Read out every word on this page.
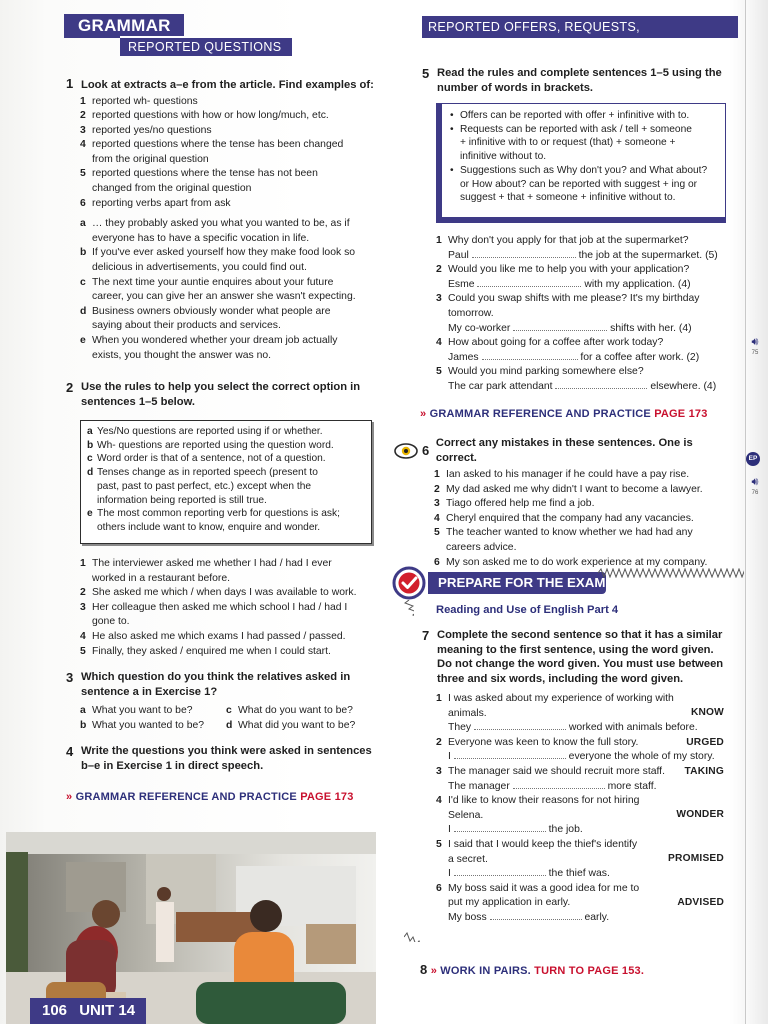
GRAMMAR
REPORTED QUESTIONS
REPORTED OFFERS, REQUESTS, SUGGESTIONS
1 Look at extracts a–e from the article. Find examples of:
1 reported wh- questions
2 reported questions with how or how long/much, etc.
3 reported yes/no questions
4 reported questions where the tense has been changed
from the original question
5 reported questions where the tense has not been
changed from the original question
6 reporting verbs apart from ask
a … they probably asked you what you wanted to be, as if
everyone has to have a specific vocation in life.
b If you've ever asked yourself how they make food look so
delicious in advertisements, you could find out.
c The next time your auntie enquires about your future
career, you can give her an answer she wasn't expecting.
d Business owners obviously wonder what people are
saying about their products and services.
e When you wondered whether your dream job actually
exists, you thought the answer was no.
2 Use the rules to help you select the correct option in
sentences 1–5 below.
a Yes/No questions are reported using if or whether.
b Wh- questions are reported using the question word.
c Word order is that of a sentence, not of a question.
d Tenses change as in reported speech (present to
past, past to past perfect, etc.) except when the
information being reported is still true.
e The most common reporting verb for questions is ask;
others include want to know, enquire and wonder.
1 The interviewer asked me whether I had / had I ever
worked in a restaurant before.
2 She asked me which / when days I was available to work.
3 Her colleague then asked me which school I had / had I
gone to.
4 He also asked me which exams I had passed / passed.
5 Finally, they asked / enquired me when I could start.
3 Which question do you think the relatives asked in
sentence a in Exercise 1?
a What you want to be?
b What you wanted to be?
c What do you want to be?
d What did you want to be?
4 Write the questions you think were asked in sentences
b–e in Exercise 1 in direct speech.
» GRAMMAR REFERENCE AND PRACTICE PAGE 173
106 UNIT 14
5 Read the rules and complete sentences 1–5 using the
number of words in brackets.
• Offers can be reported with offer + infinitive with to.
• Requests can be reported with ask / tell + someone
+ infinitive with to or request (that) + someone +
infinitive without to.
• Suggestions such as Why don't you? and What about?
or How about? can be reported with suggest + ing or
suggest + that + someone + infinitive without to.
1 Why don't you apply for that job at the supermarket?
Paul	the job at the supermarket. (5)
2 Would you like me to help you with your application?
Esme	with my application. (4)
3 Could you swap shifts with me please? It's my birthday
tomorrow.
My co-worker	shifts with her. (4)
4 How about going for a coffee after work today?
James	for a coffee after work. (2)
5 Would you mind parking somewhere else?
The car park attendant	elsewhere. (4)
» GRAMMAR REFERENCE AND PRACTICE PAGE 173
6 Correct any mistakes in these sentences. One is correct.
1 Ian asked to his manager if he could have a pay rise.
2 My dad asked me why didn't I want to become a lawyer.
3 Tiago offered help me find a job.
4 Cheryl enquired that the company had any vacancies.
5 The teacher wanted to know whether we had had any
careers advice.
6 My son asked me to do work experience at my company.
PREPARE FOR THE EXAM
Reading and Use of English Part 4
7 Complete the second sentence so that it has a similar
meaning to the first sentence, using the word given.
Do not change the word given. You must use between
three and six words, including the word given.
1 I was asked about my experience of working with
animals.
They	worked with animals before.
KNOW
2 Everyone was keen to know the full story.
I	everyone the whole of my story.
URGED
3 The manager said we should recruit more staff.
The manager	more staff.
TAKING
4 I'd like to know their reasons for not hiring
Selena.
I	the job.
WONDER
5 I said that I would keep the thief's identify
a secret.
I	the thief was.
PROMISED
6 My boss said it was a good idea for me to
put my application in early.
My boss	early.
ADVISED
8 » WORK IN PAIRS. TURN TO PAGE 153.
🔊︎
75
EP
🔊︎
76
